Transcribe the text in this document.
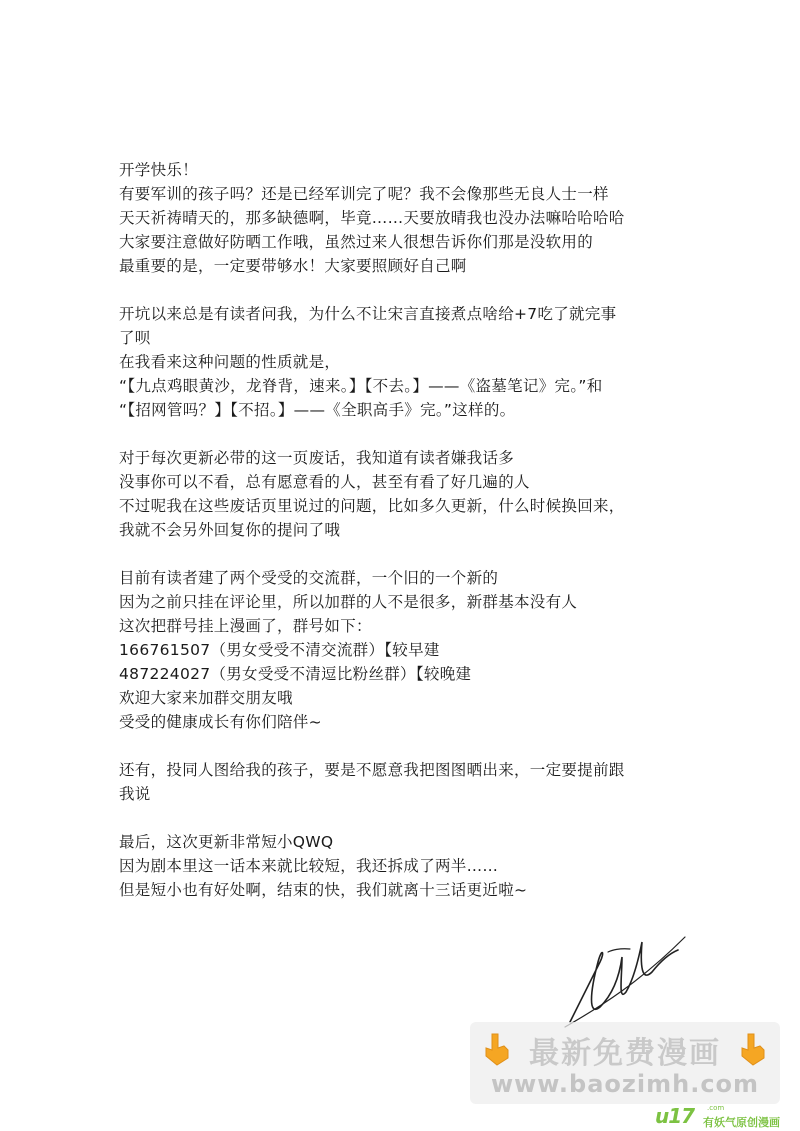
开学快乐！
有要军训的孩子吗？还是已经军训完了呢？我不会像那些无良人士一样
天天祈祷晴天的，那多缺德啊，毕竟……天要放晴我也没办法嘛哈哈哈哈
大家要注意做好防晒工作哦，虽然过来人很想告诉你们那是没软用的
最重要的是，一定要带够水！大家要照顾好自己啊
开坑以来总是有读者问我，为什么不让宋言直接煮点啥给+7吃了就完事
了呗
在我看来这种问题的性质就是，
“【九点鸡眼黄沙，龙脊背，速来。】【不去。】——《盗墓笔记》完。”和
“【招网管吗？】【不招。】——《全职高手》完。”这样的。
对于每次更新必带的这一页废话，我知道有读者嫌我话多
没事你可以不看，总有愿意看的人，甚至有看了好几遍的人
不过呢我在这些废话页里说过的问题，比如多久更新，什么时候换回来，
我就不会另外回复你的提问了哦
目前有读者建了两个受受的交流群，一个旧的一个新的
因为之前只挂在评论里，所以加群的人不是很多，新群基本没有人
这次把群号挂上漫画了，群号如下：
166761507（男女受受不清交流群）【较早建
487224027（男女受受不清逗比粉丝群）【较晚建
欢迎大家来加群交朋友哦
受受的健康成长有你们陪伴~
还有，投同人图给我的孩子，要是不愿意我把图图晒出来，一定要提前跟
我说
最后，这次更新非常短小QWQ
因为剧本里这一话本来就比较短，我还拆成了两半……
但是短小也有好处啊，结束的快，我们就离十三话更近啦~
最新免费漫画
www.baozimh.com
u17 .com
有妖气原创漫画
